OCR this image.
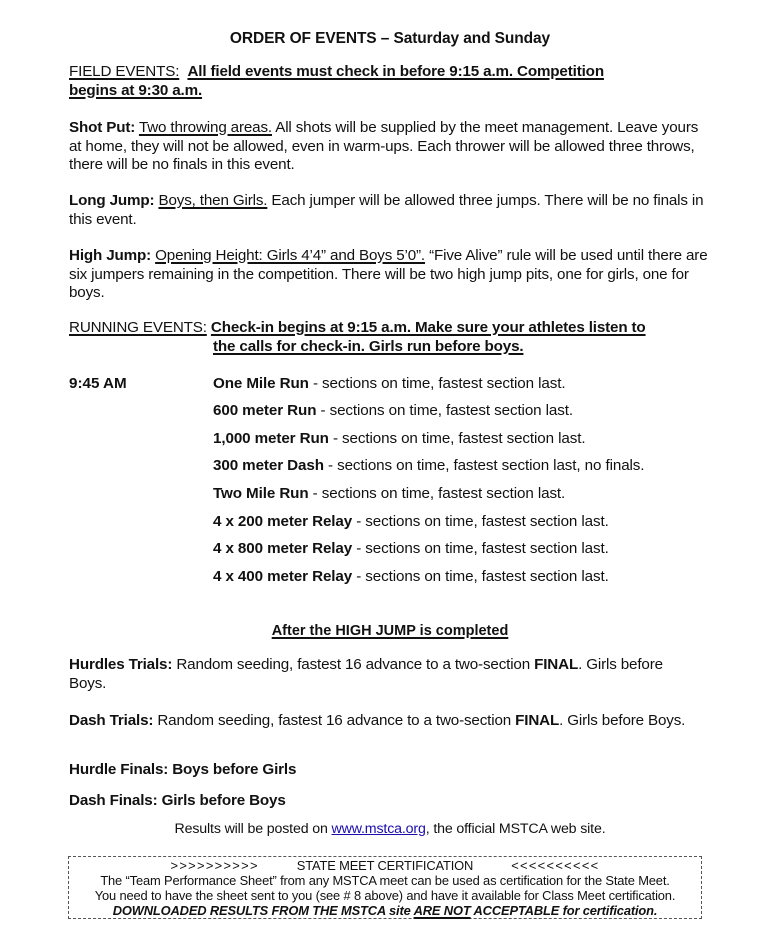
ORDER OF EVENTS – Saturday and Sunday
FIELD EVENTS: All field events must check in before 9:15 a.m. Competition
begins at 9:30 a.m.
Shot Put: Two throwing areas. All shots will be supplied by the meet management. Leave yours at home, they will not be allowed, even in warm-ups. Each thrower will be allowed three throws, there will be no finals in this event.
Long Jump: Boys, then Girls. Each jumper will be allowed three jumps. There will be no finals in this event.
High Jump: Opening Height: Girls 4’4” and Boys 5’0”. “Five Alive” rule will be used until there are six jumpers remaining in the competition. There will be two high jump pits, one for girls, one for boys.
RUNNING EVENTS: Check-in begins at 9:15 a.m. Make sure your athletes listen to
the calls for check-in. Girls run before boys.
9:45 AM	One Mile Run - sections on time, fastest section last.
600 meter Run - sections on time, fastest section last.
1,000 meter Run - sections on time, fastest section last.
300 meter Dash - sections on time, fastest section last, no finals.
Two Mile Run - sections on time, fastest section last.
4 x 200 meter Relay - sections on time, fastest section last.
4 x 800 meter Relay - sections on time, fastest section last.
4 x 400 meter Relay - sections on time, fastest section last.
After the HIGH JUMP is completed
Hurdles Trials: Random seeding, fastest 16 advance to a two-section FINAL. Girls before Boys.
Dash Trials: Random seeding, fastest 16 advance to a two-section FINAL. Girls before Boys.
Hurdle Finals: Boys before Girls
Dash Finals: Girls before Boys
Results will be posted on www.mstca.org, the official MSTCA web site.
>>>>>>>>>>	STATE MEET CERTIFICATION	<<<<<<<<<<
The “Team Performance Sheet” from any MSTCA meet can be used as certification for the State Meet.
You need to have the sheet sent to you (see # 8 above) and have it available for Class Meet certification.
DOWNLOADED RESULTS FROM THE MSTCA site ARE NOT ACCEPTABLE for certification.
